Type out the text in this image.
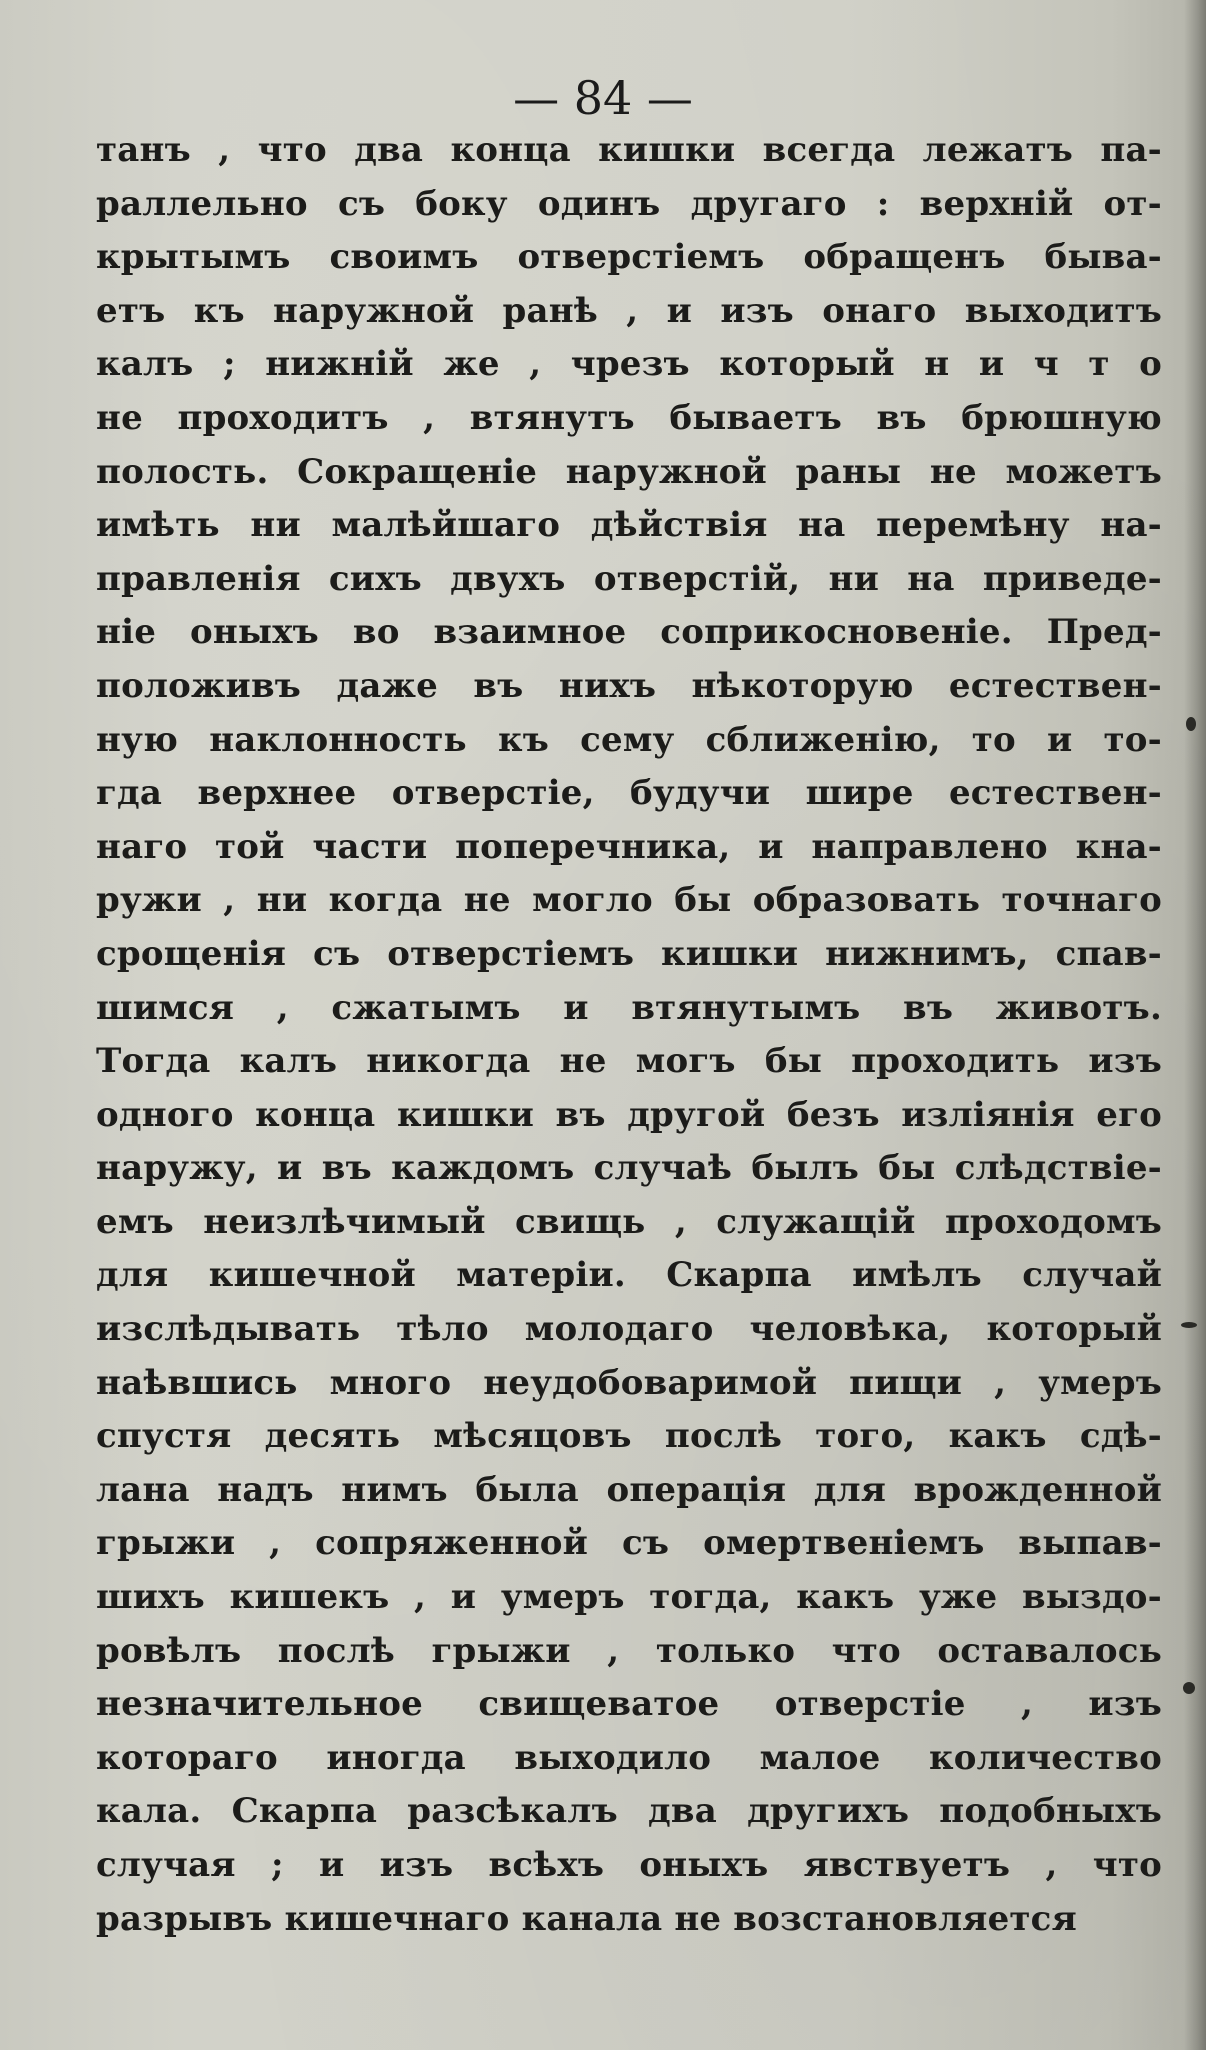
— 84 —
танъ , что два конца кишки всегда лежатъ па-
раллельно съ боку одинъ другаго : верхній от-
крытымъ своимъ отверстіемъ обращенъ быва-
етъ къ наружной ранѣ , и изъ онаго выходитъ
калъ ; нижній же , чрезъ который н и ч т о
не проходитъ , втянутъ бываетъ въ брюшную
полость. Сокращеніе наружной раны не можетъ
имѣть ни малѣйшаго дѣйствія на перемѣну на-
правленія сихъ двухъ отверстій, ни на приведе-
ніе оныхъ во взаимное соприкосновеніе. Пред-
положивъ даже въ нихъ нѣкоторую естествен-
ную наклонность къ сему сближенію, то и то-
гда верхнее отверстіе, будучи шире естествен-
наго той части поперечника, и направлено кна-
ружи , ни когда не могло бы образовать точнаго
срощенія съ отверстіемъ кишки нижнимъ, спав-
шимся , сжатымъ и втянутымъ въ животъ.
Тогда калъ никогда не могъ бы проходить изъ
одного конца кишки въ другой безъ изліянія его
наружу, и въ каждомъ случаѣ былъ бы слѣдствіе-
емъ неизлѣчимый свищь , служащій проходомъ
для кишечной матеріи. Скарпа имѣлъ случай
изслѣдывать тѣло молодаго человѣка, который
наѣвшись много неудобоваримой пищи , умеръ
спустя десять мѣсяцовъ послѣ того, какъ сдѣ-
лана надъ нимъ была операція для врожденной
грыжи , сопряженной съ омертвеніемъ выпав-
шихъ кишекъ , и умеръ тогда, какъ уже выздо-
ровѣлъ послѣ грыжи , только что оставалось
незначительное свищеватое отверстіе , изъ
котораго иногда выходило малое количество
кала. Скарпа разсѣкалъ два другихъ подобныхъ
случая ; и изъ всѣхъ оныхъ явствуетъ , что
разрывъ кишечнаго канала не возстановляется
